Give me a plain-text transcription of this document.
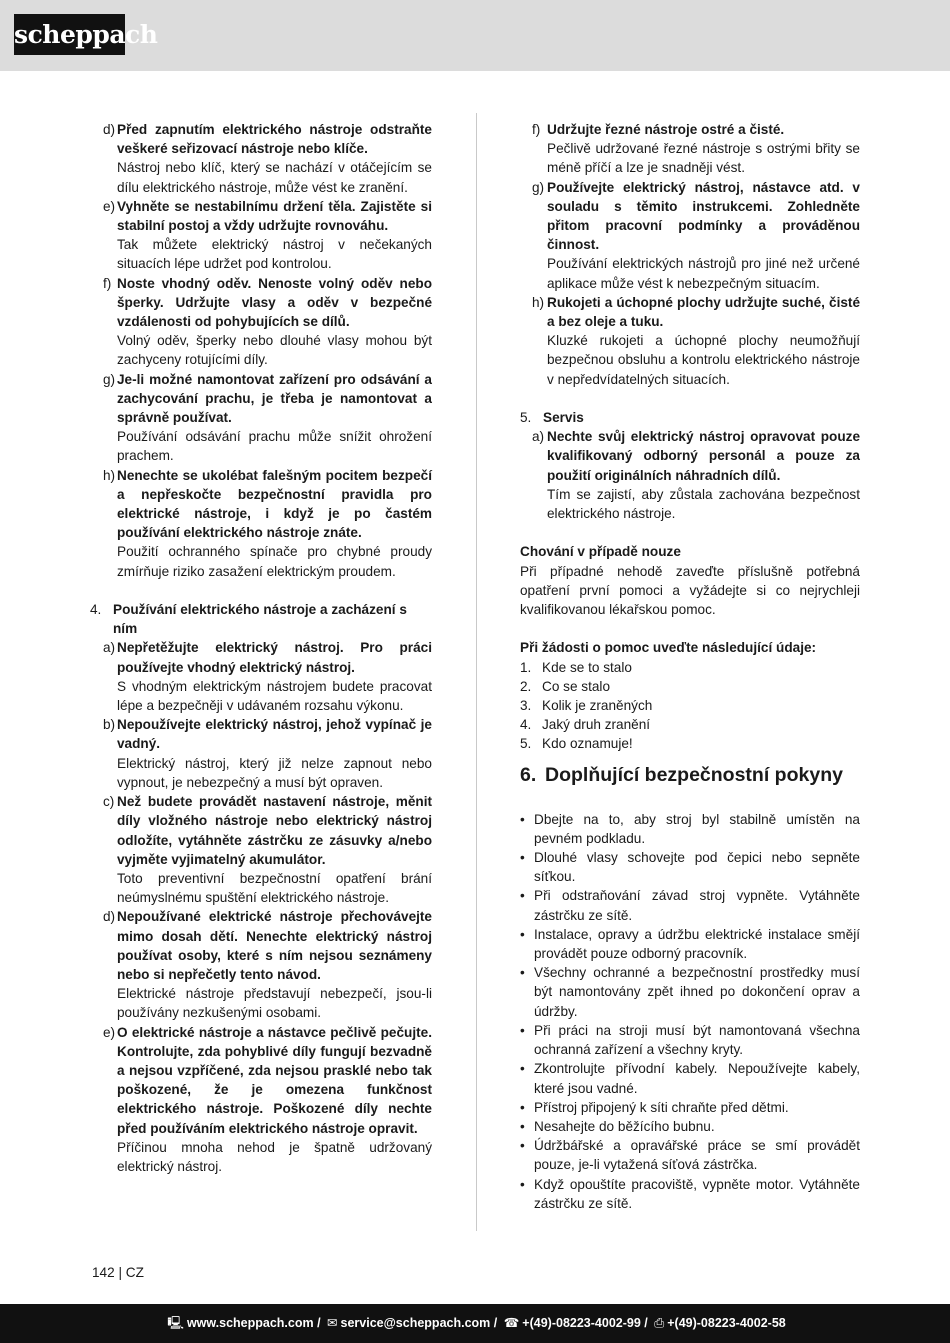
scheppach
d) Před zapnutím elektrického nástroje odstraňte veškeré seřizovací nástroje nebo klíče.
Nástroj nebo klíč, který se nachází v otáčejícím se dílu elektrického nástroje, může vést ke zranění.
e) Vyhněte se nestabilnímu držení těla. Zajistěte si stabilní postoj a vždy udržujte rovnováhu.
Tak můžete elektrický nástroj v nečekaných situacích lépe udržet pod kontrolou.
f) Noste vhodný oděv. Nenoste volný oděv nebo šperky. Udržujte vlasy a oděv v bezpečné vzdálenosti od pohybujících se dílů.
Volný oděv, šperky nebo dlouhé vlasy mohou být zachyceny rotujícími díly.
g) Je-li možné namontovat zařízení pro odsávání a zachycování prachu, je třeba je namontovat a správně používat.
Používání odsávání prachu může snížit ohrožení prachem.
h) Nenechte se ukolébat falešným pocitem bezpečí a nepřeskočte bezpečnostní pravidla pro elektrické nástroje, i když je po častém používání elektrického nástroje znáte.
Použití ochranného spínače pro chybné proudy zmírňuje riziko zasažení elektrickým proudem.
4. Používání elektrického nástroje a zacházení s ním
a) Nepřetěžujte elektrický nástroj. Pro práci používejte vhodný elektrický nástroj.
S vhodným elektrickým nástrojem budete pracovat lépe a bezpečněji v udávaném rozsahu výkonu.
b) Nepoužívejte elektrický nástroj, jehož vypínač je vadný.
Elektrický nástroj, který již nelze zapnout nebo vypnout, je nebezpečný a musí být opraven.
c) Než budete provádět nastavení nástroje, měnit díly vložného nástroje nebo elektrický nástroj odložíte, vytáhněte zástrčku ze zásuvky a/nebo vyjměte vyjimatelný akumulátor.
Toto preventivní bezpečnostní opatření brání neúmyslnému spuštění elektrického nástroje.
d) Nepoužívané elektrické nástroje přechovávejte mimo dosah dětí. Nenechte elektrický nástroj používat osoby, které s ním nejsou seznámeny nebo si nepřečetly tento návod.
Elektrické nástroje představují nebezpečí, jsou-li používány nezkušenými osobami.
e) O elektrické nástroje a nástavce pečlivě pečujte. Kontrolujte, zda pohyblivé díly fungují bezvadně a nejsou vzpříčené, zda nejsou prasklé nebo tak poškozené, že je omezena funkčnost elektrického nástroje. Poškozené díly nechte před používáním elektrického nástroje opravit.
Příčinou mnoha nehod je špatně udržovaný elektrický nástroj.
f) Udržujte řezné nástroje ostré a čisté.
Pečlivě udržované řezné nástroje s ostrými břity se méně příčí a lze je snadněji vést.
g) Používejte elektrický nástroj, nástavce atd. v souladu s těmito instrukcemi. Zohledněte přitom pracovní podmínky a prováděnou činnost.
Používání elektrických nástrojů pro jiné než určené aplikace může vést k nebezpečným situacím.
h) Rukojeti a úchopné plochy udržujte suché, čisté a bez oleje a tuku.
Kluzké rukojeti a úchopné plochy neumožňují bezpečnou obsluhu a kontrolu elektrického nástroje v nepředvídatelných situacích.
5. Servis
a) Nechte svůj elektrický nástroj opravovat pouze kvalifikovaný odborný personál a pouze za použití originálních náhradních dílů.
Tím se zajistí, aby zůstala zachována bezpečnost elektrického nástroje.
Chování v případě nouze
Při případné nehodě zaveďte příslušně potřebná opatření první pomoci a vyžádejte si co nejrychleji kvalifikovanou lékařskou pomoc.
Při žádosti o pomoc uveďte následující údaje:
1. Kde se to stalo
2. Co se stalo
3. Kolik je zraněných
4. Jaký druh zranění
5. Kdo oznamuje!
6. Doplňující bezpečnostní pokyny
• Dbejte na to, aby stroj byl stabilně umístěn na pevném podkladu.
• Dlouhé vlasy schovejte pod čepici nebo sepněte síťkou.
• Při odstraňování závad stroj vypněte. Vytáhněte zástrčku ze sítě.
• Instalace, opravy a údržbu elektrické instalace smějí provádět pouze odborný pracovník.
• Všechny ochranné a bezpečnostní prostředky musí být namontovány zpět ihned po dokončení oprav a údržby.
• Při práci na stroji musí být namontovaná všechna ochranná zařízení a všechny kryty.
• Zkontrolujte přívodní kabely. Nepoužívejte kabely, které jsou vadné.
• Přístroj připojený k síti chraňte před dětmi.
• Nesahejte do běžícího bubnu.
• Údržbářské a opravářské práce se smí provádět pouze, je-li vytažená síťová zástrčka.
• Když opouštíte pracoviště, vypněte motor. Vytáhněte zástrčku ze sítě.
142 | CZ
🖳 www.scheppach.com / ✉ service@scheppach.com / ☎ +(49)-08223-4002-99 / ⎙ +(49)-08223-4002-58
